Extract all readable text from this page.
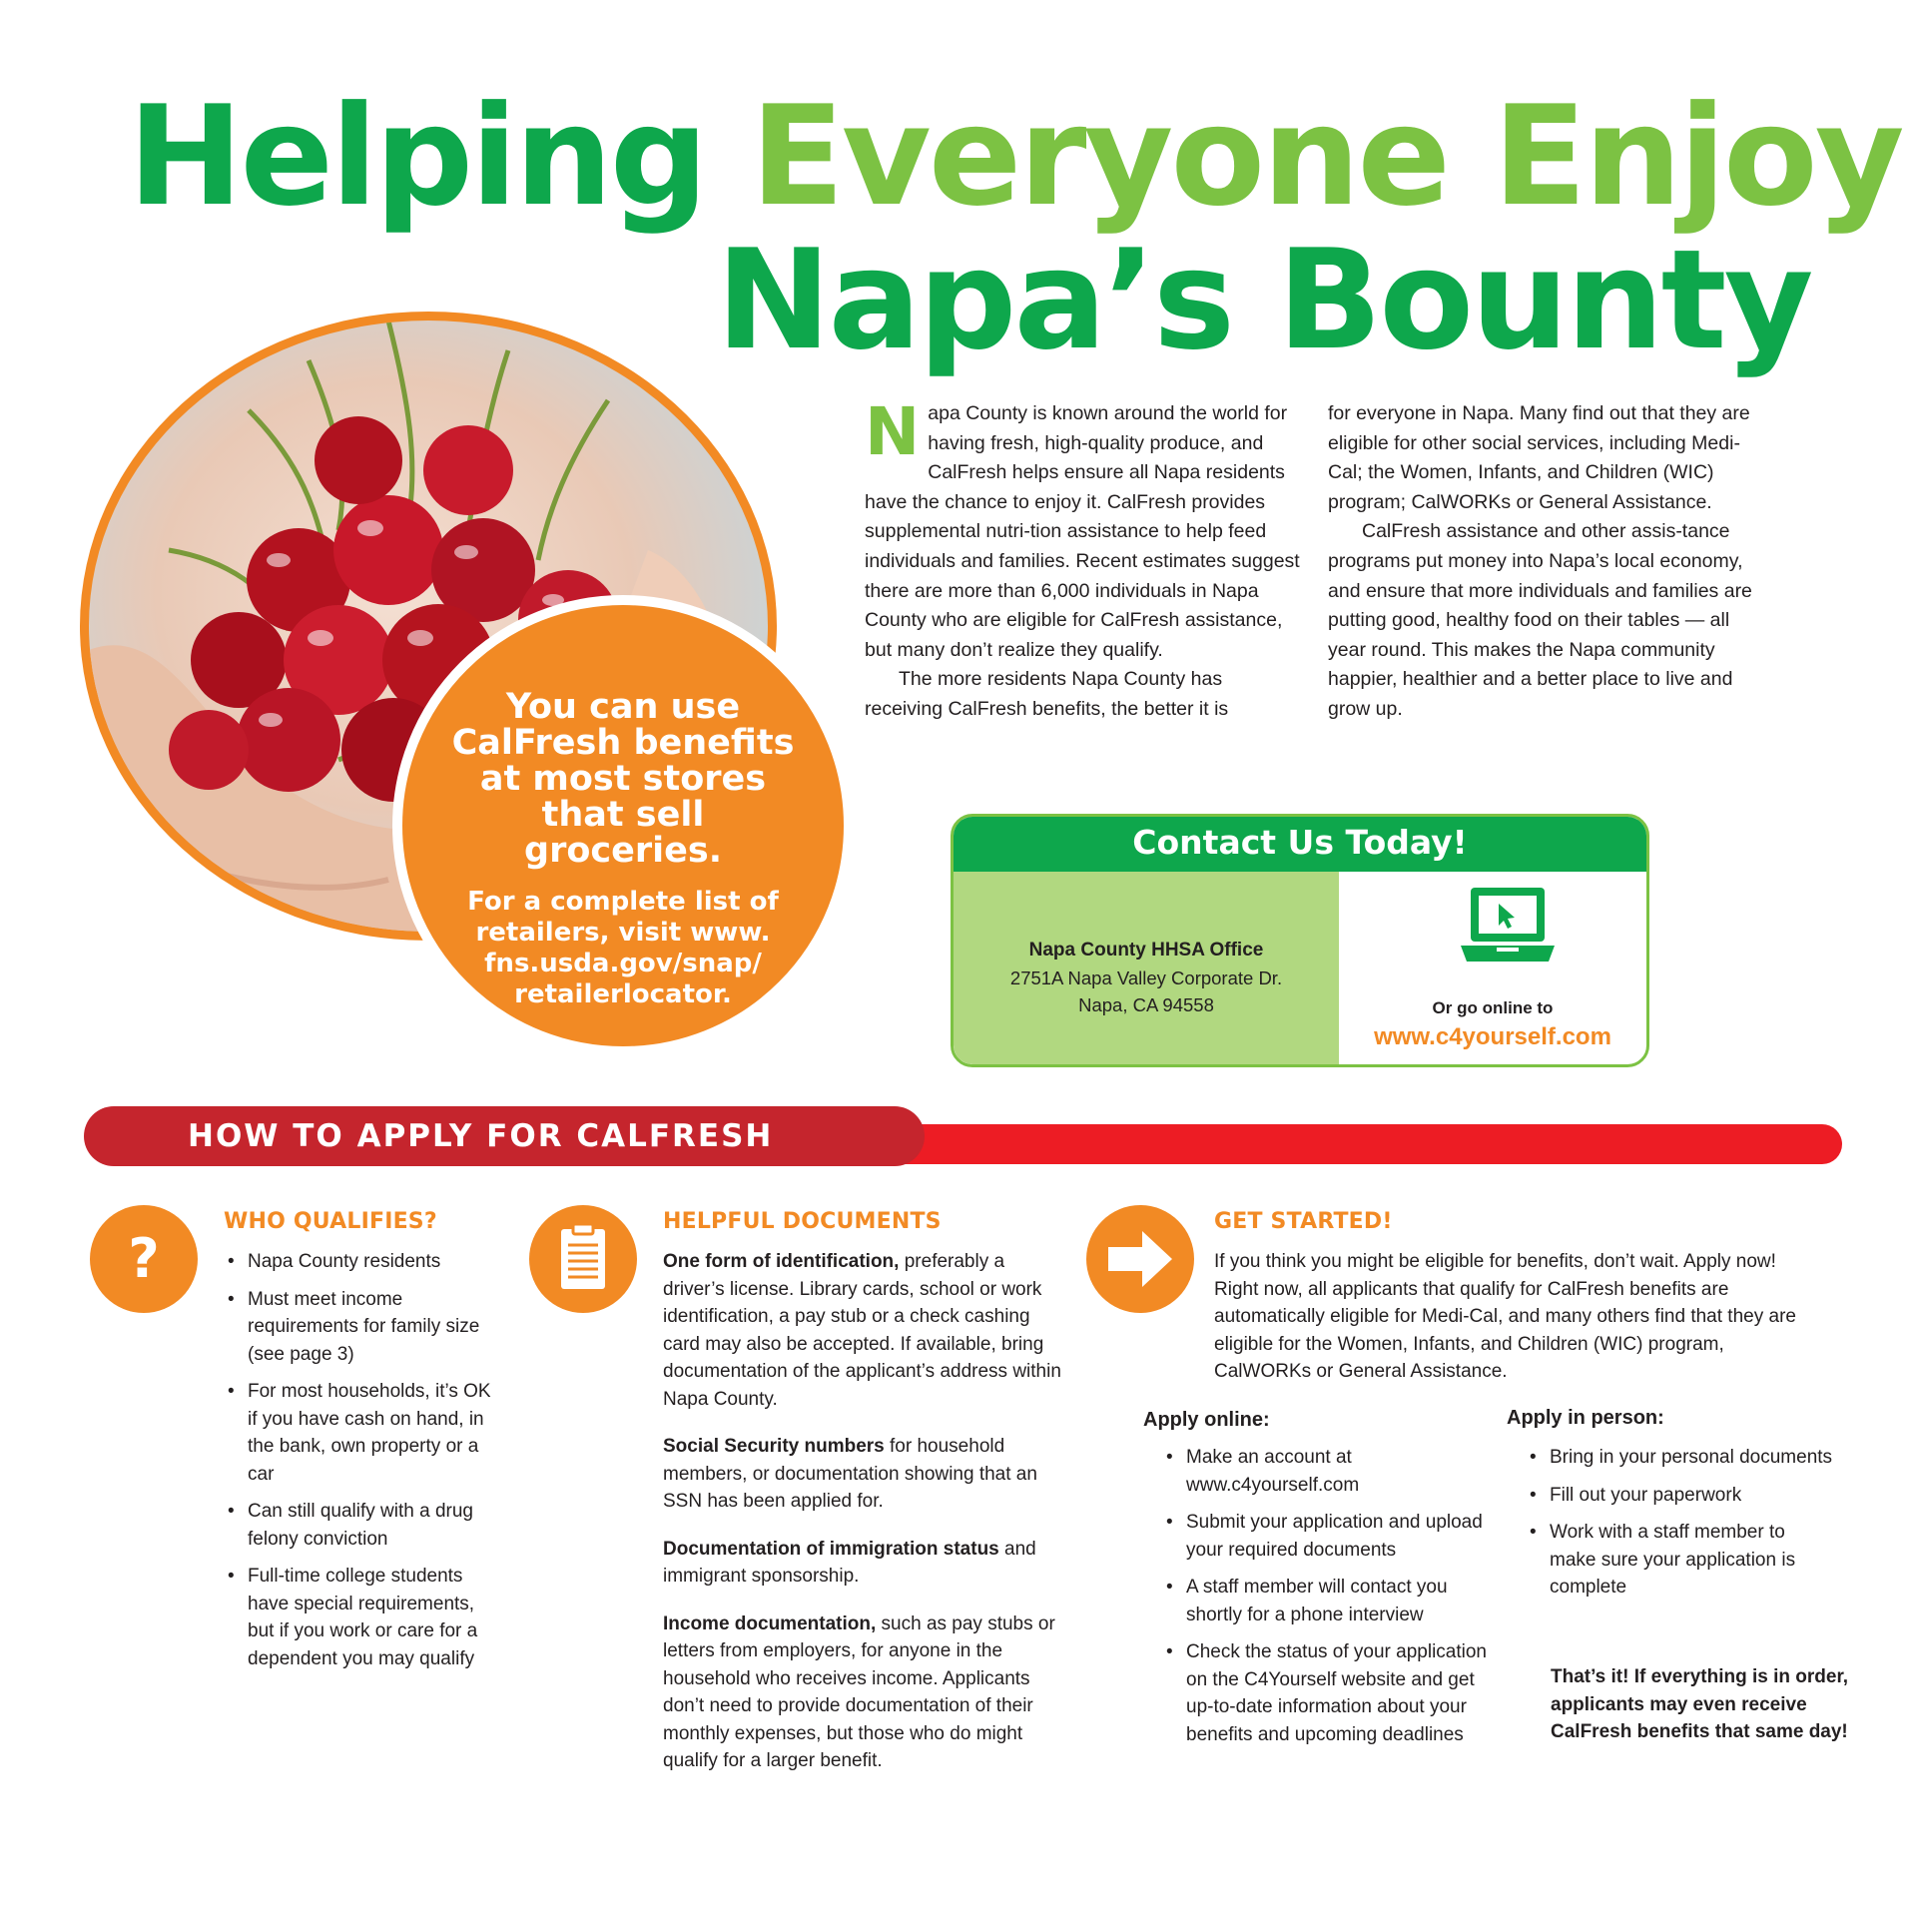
Helping Everyone Enjoy
Napa’s Bounty
You can use CalFresh benefits at most stores that sell groceries.
For a complete list of retailers, visit www. fns.usda.gov/snap/ retailerlocator.

Napa County is known around the world for having fresh, high-quality produce, and CalFresh helps ensure all Napa residents have the chance to enjoy it. CalFresh provides supplemental nutri-tion assistance to help feed individuals and families. Recent estimates suggest there are more than 6,000 individuals in Napa County who are eligible for CalFresh assistance, but many don’t realize they qualify.

The more residents Napa County has receiving CalFresh benefits, the better it is

for everyone in Napa. Many find out that they are eligible for other social services, including Medi-Cal; the Women, Infants, and Children (WIC) program; CalWORKs or General Assistance.

CalFresh assistance and other assis-tance programs put money into Napa’s local economy, and ensure that more individuals and families are putting good, healthy food on their tables — all year round. This makes the Napa community happier, healthier and a better place to live and grow up.

Contact Us Today!
Napa County HHSA Office
2751A Napa Valley Corporate Dr.
Napa, CA 94558	Or go online to
www.c4yourself.com
HOW TO APPLY FOR CALFRESH
?
WHO QUALIFIES?
• Napa County residents
• Must meet income requirements for family size (see page 3)
• For most households, it’s OK if you have cash on hand, in the bank, own property or a car
• Can still qualify with a drug felony conviction
• Full-time college students have special requirements, but if you work or care for a dependent you may qualify
HELPFUL DOCUMENTS

One form of identification, preferably a driver’s license. Library cards, school or work identification, a pay stub or a check cashing card may also be accepted. If available, bring documentation of the applicant’s address within Napa County.

Social Security numbers for household members, or documentation showing that an SSN has been applied for.

Documentation of immigration status and immigrant sponsorship.

Income documentation, such as pay stubs or letters from employers, for anyone in the household who receives income. Applicants don’t need to provide documentation of their monthly expenses, but those who do might qualify for a larger benefit.

GET STARTED!
If you think you might be eligible for benefits, don’t wait. Apply now! Right now, all applicants that qualify for CalFresh benefits are automatically eligible for Medi-Cal, and many others find that they are eligible for the Women, Infants, and Children (WIC) program, CalWORKs or General Assistance.
Apply online:
• Make an account at www.c4yourself.com
• Submit your application and upload your required documents
• A staff member will contact you shortly for a phone interview
• Check the status of your application on the C4Yourself website and get up-to-date information about your benefits and upcoming deadlines
Apply in person:
• Bring in your personal documents
• Fill out your paperwork
• Work with a staff member to make sure your application is complete
That’s it! If everything is in order, applicants may even receive CalFresh benefits that same day!
